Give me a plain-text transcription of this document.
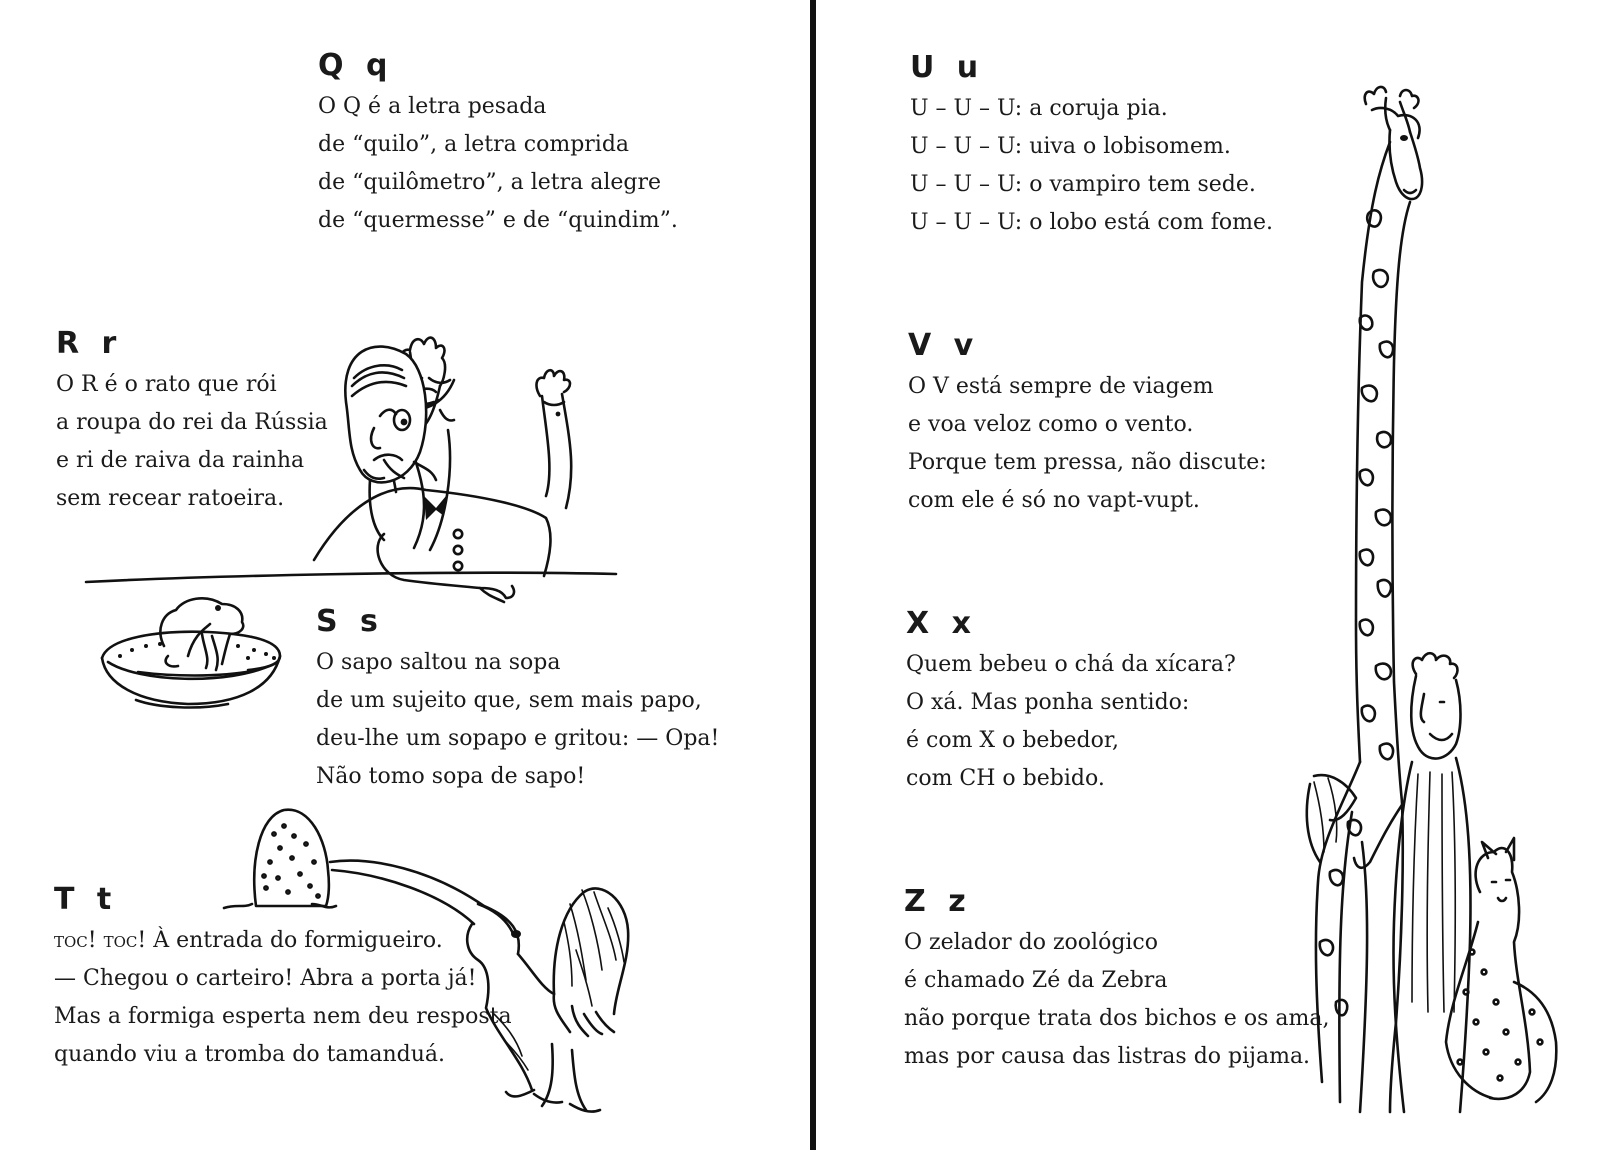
Q q

O Q é a letra pesada

de “quilo”, a letra comprida

de “quilômetro”, a letra alegre

de “quermesse” e de “quindim”.

R r

O R é o rato que rói

a roupa do rei da Rússia

e ri de raiva da rainha

sem recear ratoeira.

S s

O sapo saltou na sopa

de um sujeito que, sem mais papo,

deu-lhe um sopapo e gritou: — Opa!

Não tomo sopa de sapo!

T t

toc! toc! À entrada do formigueiro.

— Chegou o carteiro! Abra a porta já!

Mas a formiga esperta nem deu resposta

quando viu a tromba do tamanduá.

U u

U – U – U: a coruja pia.

U – U – U: uiva o lobisomem.

U – U – U: o vampiro tem sede.

U – U – U: o lobo está com fome.

V v

O V está sempre de viagem

e voa veloz como o vento.

Porque tem pressa, não discute:

com ele é só no vapt-vupt.

X x

Quem bebeu o chá da xícara?

O xá. Mas ponha sentido:

é com X o bebedor,

com CH o bebido.

Z z

O zelador do zoológico

é chamado Zé da Zebra

não porque trata dos bichos e os ama,

mas por causa das listras do pijama.
